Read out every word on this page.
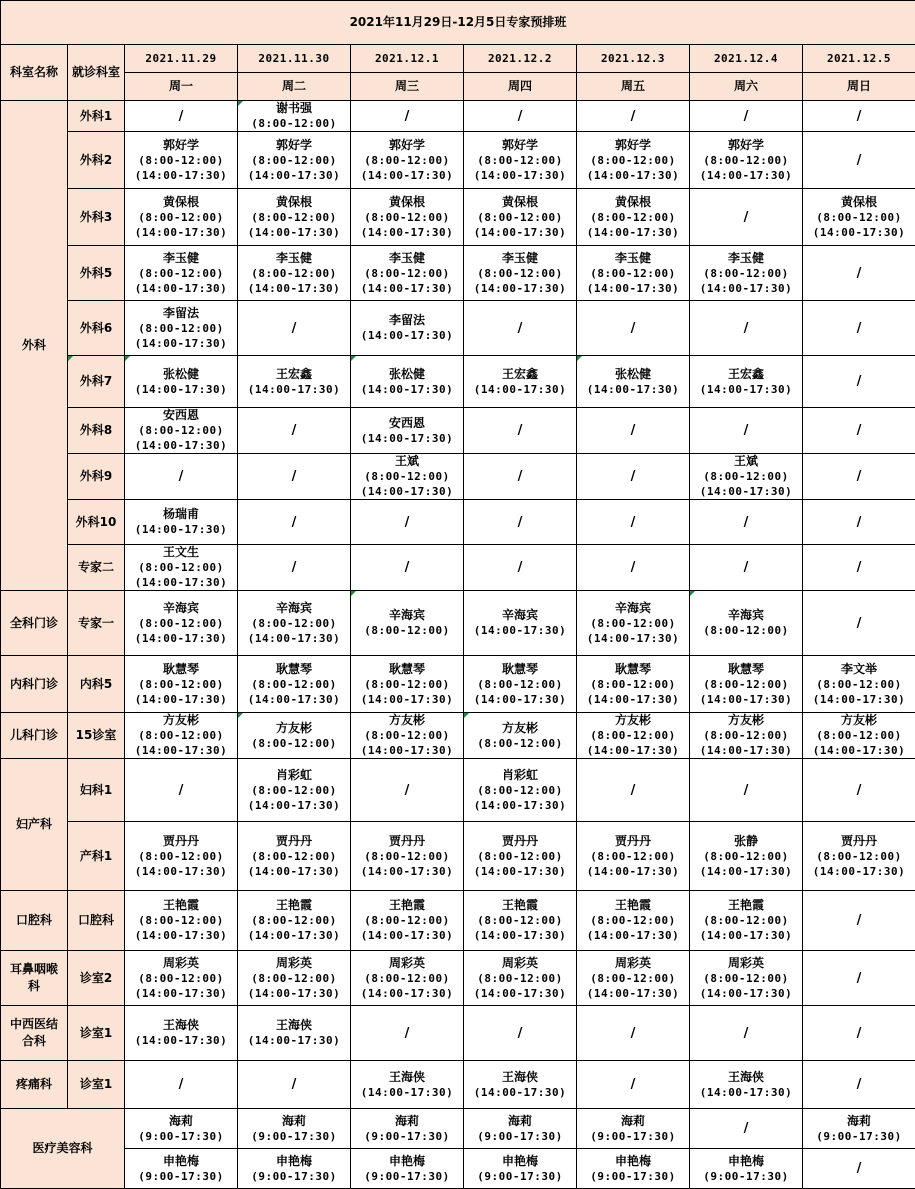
2021年11月29日-12月5日专家预排班								
科室名称	就诊科室	2021.11.29	2021.11.30	2021.12.1	2021.12.2	2021.12.3	2021.12.4	2021.12.5
		周一	周二	周三	周四	周五	周六	周日

外科	外科1	/	谢书强
(8:00-12:00)	/	/	/	/	/

	外科2	郭好学
(8:00-12:00)
(14:00-17:30)	郭好学
(8:00-12:00)
(14:00-17:30)	郭好学
(8:00-12:00)
(14:00-17:30)	郭好学
(8:00-12:00)
(14:00-17:30)	郭好学
(8:00-12:00)
(14:00-17:30)	郭好学
(8:00-12:00)
(14:00-17:30)	/

	外科3	黄保根
(8:00-12:00)
(14:00-17:30)	黄保根
(8:00-12:00)
(14:00-17:30)	黄保根
(8:00-12:00)
(14:00-17:30)	黄保根
(8:00-12:00)
(14:00-17:30)	黄保根
(8:00-12:00)
(14:00-17:30)	/	黄保根
(8:00-12:00)
(14:00-17:30)

	外科5	李玉健
(8:00-12:00)
(14:00-17:30)	李玉健
(8:00-12:00)
(14:00-17:30)	李玉健
(8:00-12:00)
(14:00-17:30)	李玉健
(8:00-12:00)
(14:00-17:30)	李玉健
(8:00-12:00)
(14:00-17:30)	李玉健
(8:00-12:00)
(14:00-17:30)	/

	外科6	李留法
(8:00-12:00)
(14:00-17:30)	/	李留法
(14:00-17:30)	/	/	/	/

	外科7	张松健
(14:00-17:30)	王宏鑫
(14:00-17:30)	张松健
(14:00-17:30)	王宏鑫
(14:00-17:30)	张松健
(14:00-17:30)	王宏鑫
(14:00-17:30)	/

	外科8	安西恩
(8:00-12:00)
(14:00-17:30)	/	安西恩
(14:00-17:30)	/	/	/	/

	外科9	/	/	王斌
(8:00-12:00)
(14:00-17:30)	/	/	王斌
(8:00-12:00)
(14:00-17:30)	/

	外科10	杨瑞甫
(14:00-17:30)	/	/	/	/	/	/

	专家二	王文生
(8:00-12:00)
(14:00-17:30)	/	/	/	/	/	/

全科门诊	专家一	辛海宾
(8:00-12:00)
(14:00-17:30)	辛海宾
(8:00-12:00)
(14:00-17:30)	辛海宾
(8:00-12:00)	辛海宾
(14:00-17:30)	辛海宾
(8:00-12:00)
(14:00-17:30)	辛海宾
(8:00-12:00)	/

内科门诊	内科5	耿慧琴
(8:00-12:00)
(14:00-17:30)	耿慧琴
(8:00-12:00)
(14:00-17:30)	耿慧琴
(8:00-12:00)
(14:00-17:30)	耿慧琴
(8:00-12:00)
(14:00-17:30)	耿慧琴
(8:00-12:00)
(14:00-17:30)	耿慧琴
(8:00-12:00)
(14:00-17:30)	李文举
(8:00-12:00)
(14:00-17:30)

儿科门诊	15诊室	方友彬
(8:00-12:00)
(14:00-17:30)	方友彬
(8:00-12:00)	方友彬
(8:00-12:00)
(14:00-17:30)	方友彬
(8:00-12:00)	方友彬
(8:00-12:00)
(14:00-17:30)	方友彬
(8:00-12:00)
(14:00-17:30)	方友彬
(8:00-12:00)
(14:00-17:30)

妇产科	妇科1	/	肖彩虹
(8:00-12:00)
(14:00-17:30)	/	肖彩虹
(8:00-12:00)
(14:00-17:30)	/	/	/

	产科1	贾丹丹
(8:00-12:00)
(14:00-17:30)	贾丹丹
(8:00-12:00)
(14:00-17:30)	贾丹丹
(8:00-12:00)
(14:00-17:30)	贾丹丹
(8:00-12:00)
(14:00-17:30)	贾丹丹
(8:00-12:00)
(14:00-17:30)	张静
(8:00-12:00)
(14:00-17:30)	贾丹丹
(8:00-12:00)
(14:00-17:30)

口腔科	口腔科	王艳霞
(8:00-12:00)
(14:00-17:30)	王艳霞
(8:00-12:00)
(14:00-17:30)	王艳霞
(8:00-12:00)
(14:00-17:30)	王艳霞
(8:00-12:00)
(14:00-17:30)	王艳霞
(8:00-12:00)
(14:00-17:30)	王艳霞
(8:00-12:00)
(14:00-17:30)	/

耳鼻咽喉科	诊室2	周彩英
(8:00-12:00)
(14:00-17:30)	周彩英
(8:00-12:00)
(14:00-17:30)	周彩英
(8:00-12:00)
(14:00-17:30)	周彩英
(8:00-12:00)
(14:00-17:30)	周彩英
(8:00-12:00)
(14:00-17:30)	周彩英
(8:00-12:00)
(14:00-17:30)	/

中西医结合科	诊室1	王海侠
(14:00-17:30)	王海侠
(14:00-17:30)	/	/	/	/	/

疼痛科	诊室1	/	/	王海侠
(14:00-17:30)	王海侠
(14:00-17:30)	/	王海侠
(14:00-17:30)	/

医疗美容科		海莉
(9:00-17:30)	海莉
(9:00-17:30)	海莉
(9:00-17:30)	海莉
(9:00-17:30)	海莉
(9:00-17:30)	/	海莉
(9:00-17:30)

		申艳梅
(9:00-17:30)	申艳梅
(9:00-17:30)	申艳梅
(9:00-17:30)	申艳梅
(9:00-17:30)	申艳梅
(9:00-17:30)	申艳梅
(9:00-17:30)	/
